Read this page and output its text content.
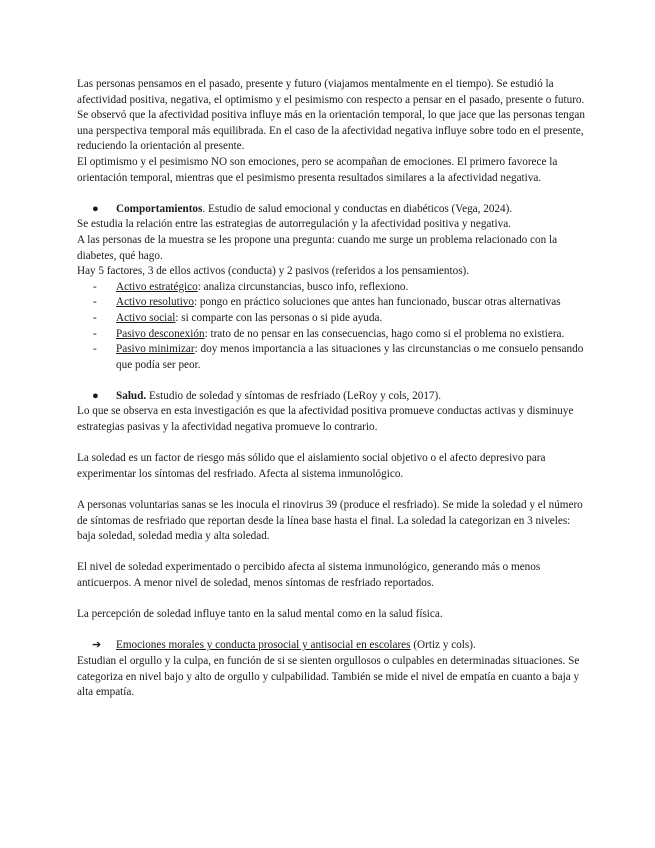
Las personas pensamos en el pasado, presente y futuro (viajamos mentalmente en el tiempo). Se estudió la afectividad positiva, negativa, el optimismo y el pesimismo con respecto a pensar en el pasado, presente o futuro.

Se observó que la afectividad positiva influye más en la orientación temporal, lo que jace que las personas tengan una perspectiva temporal más equilibrada. En el caso de la afectividad negativa influye sobre todo en el presente, reduciendo la orientación al presente.

El optimismo y el pesimismo NO son emociones, pero se acompañan de emociones. El primero favorece la orientación temporal, mientras que el pesimismo presenta resultados similares a la afectividad negativa.

● Comportamientos. Estudio de salud emocional y conductas en diabéticos (Vega, 2024).

Se estudia la relación entre las estrategias de autorregulación y la afectividad positiva y negativa.

A las personas de la muestra se les propone una pregunta: cuando me surge un problema relacionado con la diabetes, qué hago.

Hay 5 factores, 3 de ellos activos (conducta) y 2 pasivos (referidos a los pensamientos).

- Activo estratégico: analiza circunstancias, busco info, reflexiono.
- Activo resolutivo: pongo en práctico soluciones que antes han funcionado, buscar otras alternativas
- Activo social: si comparte con las personas o si pide ayuda.
- Pasivo desconexión: trato de no pensar en las consecuencias, hago como si el problema no existiera.
- Pasivo minimizar: doy menos importancia a las situaciones y las circunstancias o me consuelo pensando que podía ser peor.

● Salud. Estudio de soledad y síntomas de resfriado (LeRoy y cols, 2017).

Lo que se observa en esta investigación es que la afectividad positiva promueve conductas activas y disminuye estrategias pasivas y la afectividad negativa promueve lo contrario.

La soledad es un factor de riesgo más sólido que el aislamiento social objetivo o el afecto depresivo para experimentar los síntomas del resfriado. Afecta al sistema inmunológico.

A personas voluntarias sanas se les inocula el rinovirus 39 (produce el resfriado). Se mide la soledad y el número de síntomas de resfriado que reportan desde la línea base hasta el final. La soledad la categorizan en 3 niveles: baja soledad, soledad media y alta soledad.

El nivel de soledad experimentado o percibido afecta al sistema inmunológico, generando más o menos anticuerpos. A menor nivel de soledad, menos síntomas de resfriado reportados.

La percepción de soledad influye tanto en la salud mental como en la salud física.

➔ Emociones morales y conducta prosocial y antisocial en escolares (Ortiz y cols).

Estudian el orgullo y la culpa, en función de si se sienten orgullosos o culpables en determinadas situaciones. Se categoriza en nivel bajo y alto de orgullo y culpabilidad. También se mide el nivel de empatía en cuanto a baja y alta empatía.
